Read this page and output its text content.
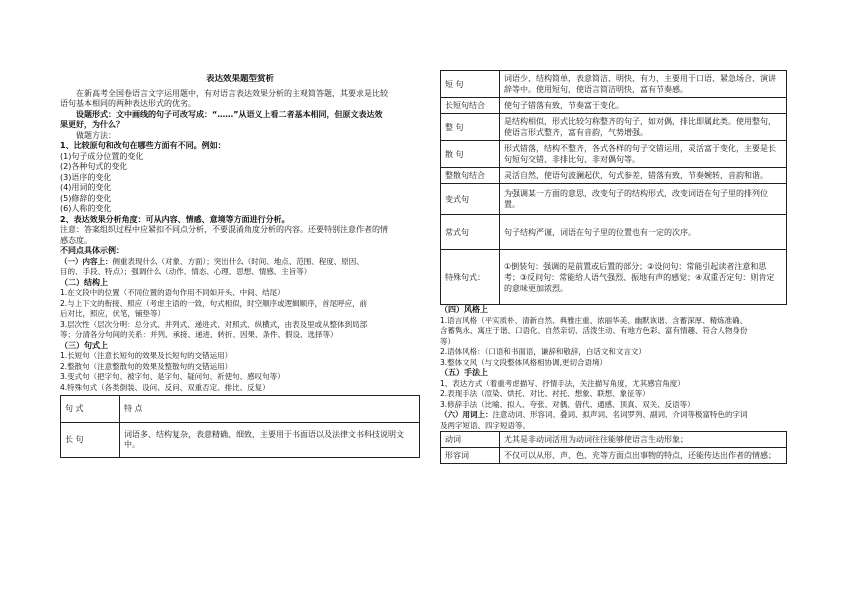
表达效果题型赏析
在新高考全国卷语言文字运用题中，有对语言表达效果分析的主观简答题，其要求是比较
语句基本相同的两种表达形式的优劣。
设题形式：文中画线的句子可改写成：“……”从语义上看二者基本相同，但原文表达效
果更好，为什么？
做题方法：
1、比较原句和改句在哪些方面有不同。例如：
(1)句子成分位置的变化
(2)各种句式的变化
(3)语序的变化
(4)用词的变化
(5)修辞的变化
(6)人称的变化
2、表达效果分析角度：可从内容、情感、意境等方面进行分析。
注意：答案组织过程中应紧扣不同点分析，不要混淆角度分析的内容。还要特别注意作者的情
感态度。
不同点具体示例：
（一）内容上：侧重表现什么（对象、方面）；突出什么（时间、地点、范围、程度、原因、
目的、手段、特点）；强调什么（动作、情态、心理、思想、情感、主旨等）
（二）结构上
1.在文段中的位置（不同位置的语句作用不同如开头、中间、结尾）
2.与上下文的衔接、照应（考虑主语的一致，句式相似，时空顺序或逻辑顺序，首尾呼应，前
后对比，照应，伏笔，铺垫等）
3.层次性（层次分明：总分式、并列式、递进式、对照式、纵横式，由表及里或从整体到局部
等；分清各分句间的关系：并列、承接、递进、转折、因果、条件、假设、选择等）
（三）句式上
1.长短句（注意长短句的效果及长短句的交错运用）
2.整散句（注意整散句的效果及整散句的交错运用）
3.变式句（把字句、被字句、是字句、疑问句、祈使句、感叹句等）
4.特殊句式（各类倒装、设问、反问、双重否定、排比、反复）
句 式	特 点
长 句	词语多、结构复杂，表意精确、细致，主要用于书面语以及法律文书科技说明文中。
短 句	词语少、结构简单，表意简洁、明快、有力，主要用于口语、紧急场合、演讲辞等中。使用短句，使语言简洁明快，富有节奏感。
长短句结合	使句子错落有致，节奏富于变化。
整 句	是结构相似，形式比较匀称整齐的句子，如对偶，排比即属此类。使用整句，使语言形式整齐，富有音韵，气势增强。
散 句	形式错落，结构不整齐，各式各样的句子交错运用，灵活富于变化，主要是长句短句交错、非排比句、非对偶句等。
整散句结合	灵活自然，使语句波澜起伏，句式参差，错落有致，节奏婉转，音韵和谐。
变式句	为强调某一方面的意思，改变句子的结构形式，改变词语在句子里的排列位置。
常式句	句子结构严谨，词语在句子里的位置也有一定的次序。
特殊句式：	①倒装句：强调的是前置或后置的部分；②设问句：常能引起读者注意和思考；③反问句：常能给人语气强烈、振地有声的感觉；④双重否定句：则肯定的意味更加浓烈。
（四）风格上
1.语言风格（平实质朴、清新自然、典雅庄重、浓丽华美、幽默诙谐、含蓄深厚、精炼准确、
含蓄隽永、寓庄于谐、口语化、自然亲切、活泼生动、有地方色彩、富有情趣、符合人物身份
等）
2.语体风格：（口语和书面语，谦辞和敬辞，白话文和文言文）
3.整体文风（与文段整体风格相协调,更切合语境）
（五）手法上
1、表达方式（着重考虑描写、抒情手法，关注描写角度，尤其感官角度）
2.表现手法（渲染、烘托、对比、衬托、想象、联想、象征等）
3.修辞手法（比喻、拟人、夸张、对偶、借代、通感、顶真、双关、反语等）
（六）用词上：注意动词、形容词、叠词、拟声词、名词罗列、副词、介词等极富特色的字词
及两字短语、四字短语等。
动词	尤其是非动词活用为动词往往能够使语言生动形象；
形容词	不仅可以从形、声、色、充等方面点出事物的特点，还能传达出作者的情感；
